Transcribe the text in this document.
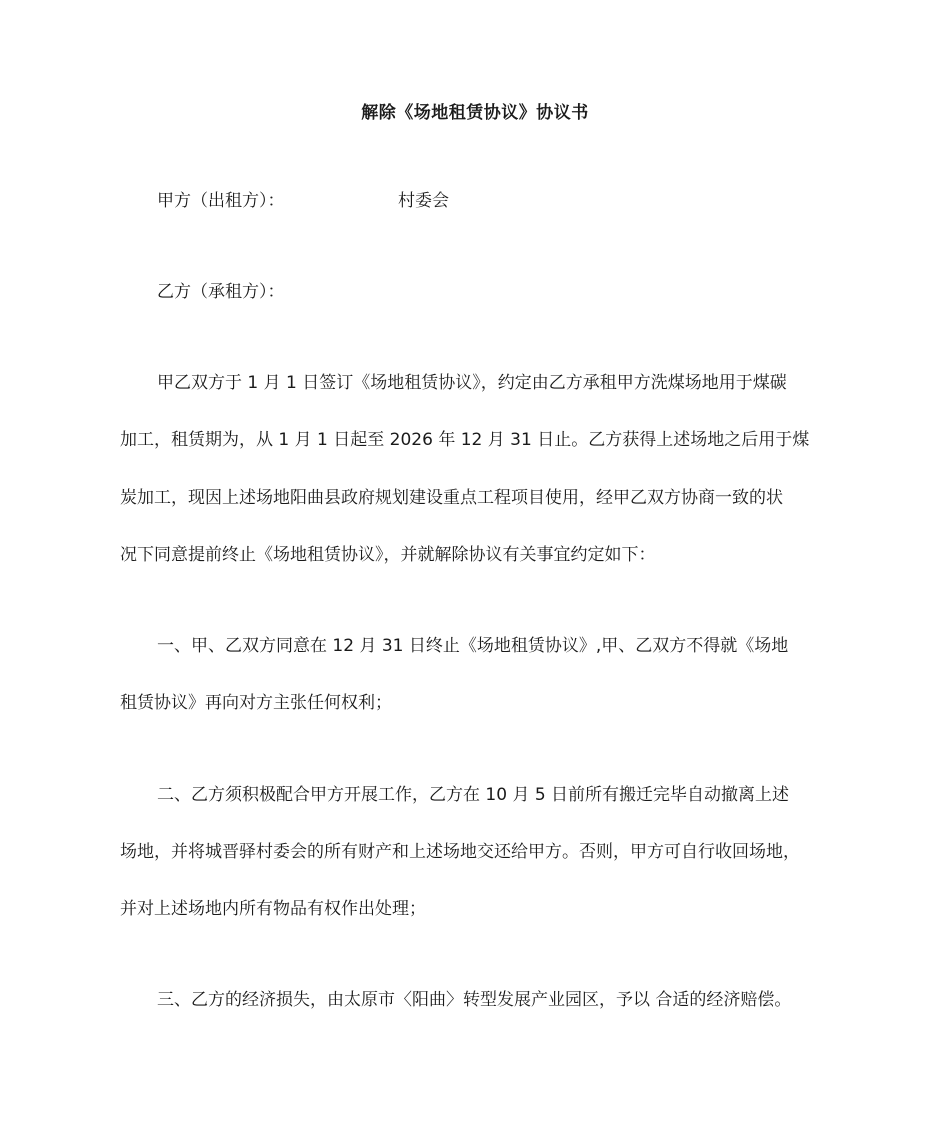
解除《场地租赁协议》协议书
甲方（出租方）：	村委会
乙方（承租方）：
甲乙双方于 1 月 1 日签订《场地租赁协议》，约定由乙方承租甲方洗煤场地用于煤碳
加工，租赁期为，从 1 月 1 日起至 2026 年 12 月 31 日止。乙方获得上述场地之后用于煤
炭加工，现因上述场地阳曲县政府规划建设重点工程项目使用，经甲乙双方协商一致的状
况下同意提前终止《场地租赁协议》，并就解除协议有关事宜约定如下：
一、甲、乙双方同意在 12 月 31 日终止《场地租赁协议》,甲、乙双方不得就《场地
租赁协议》再向对方主张任何权利；
二、乙方须积极配合甲方开展工作，乙方在 10 月 5 日前所有搬迁完毕自动撤离上述
场地，并将城晋驿村委会的所有财产和上述场地交还给甲方。否则，甲方可自行收回场地，
并对上述场地内所有物品有权作出处理；
三、乙方的经济损失，由太原市〈阳曲〉转型发展产业园区，予以 合适的经济赔偿。
